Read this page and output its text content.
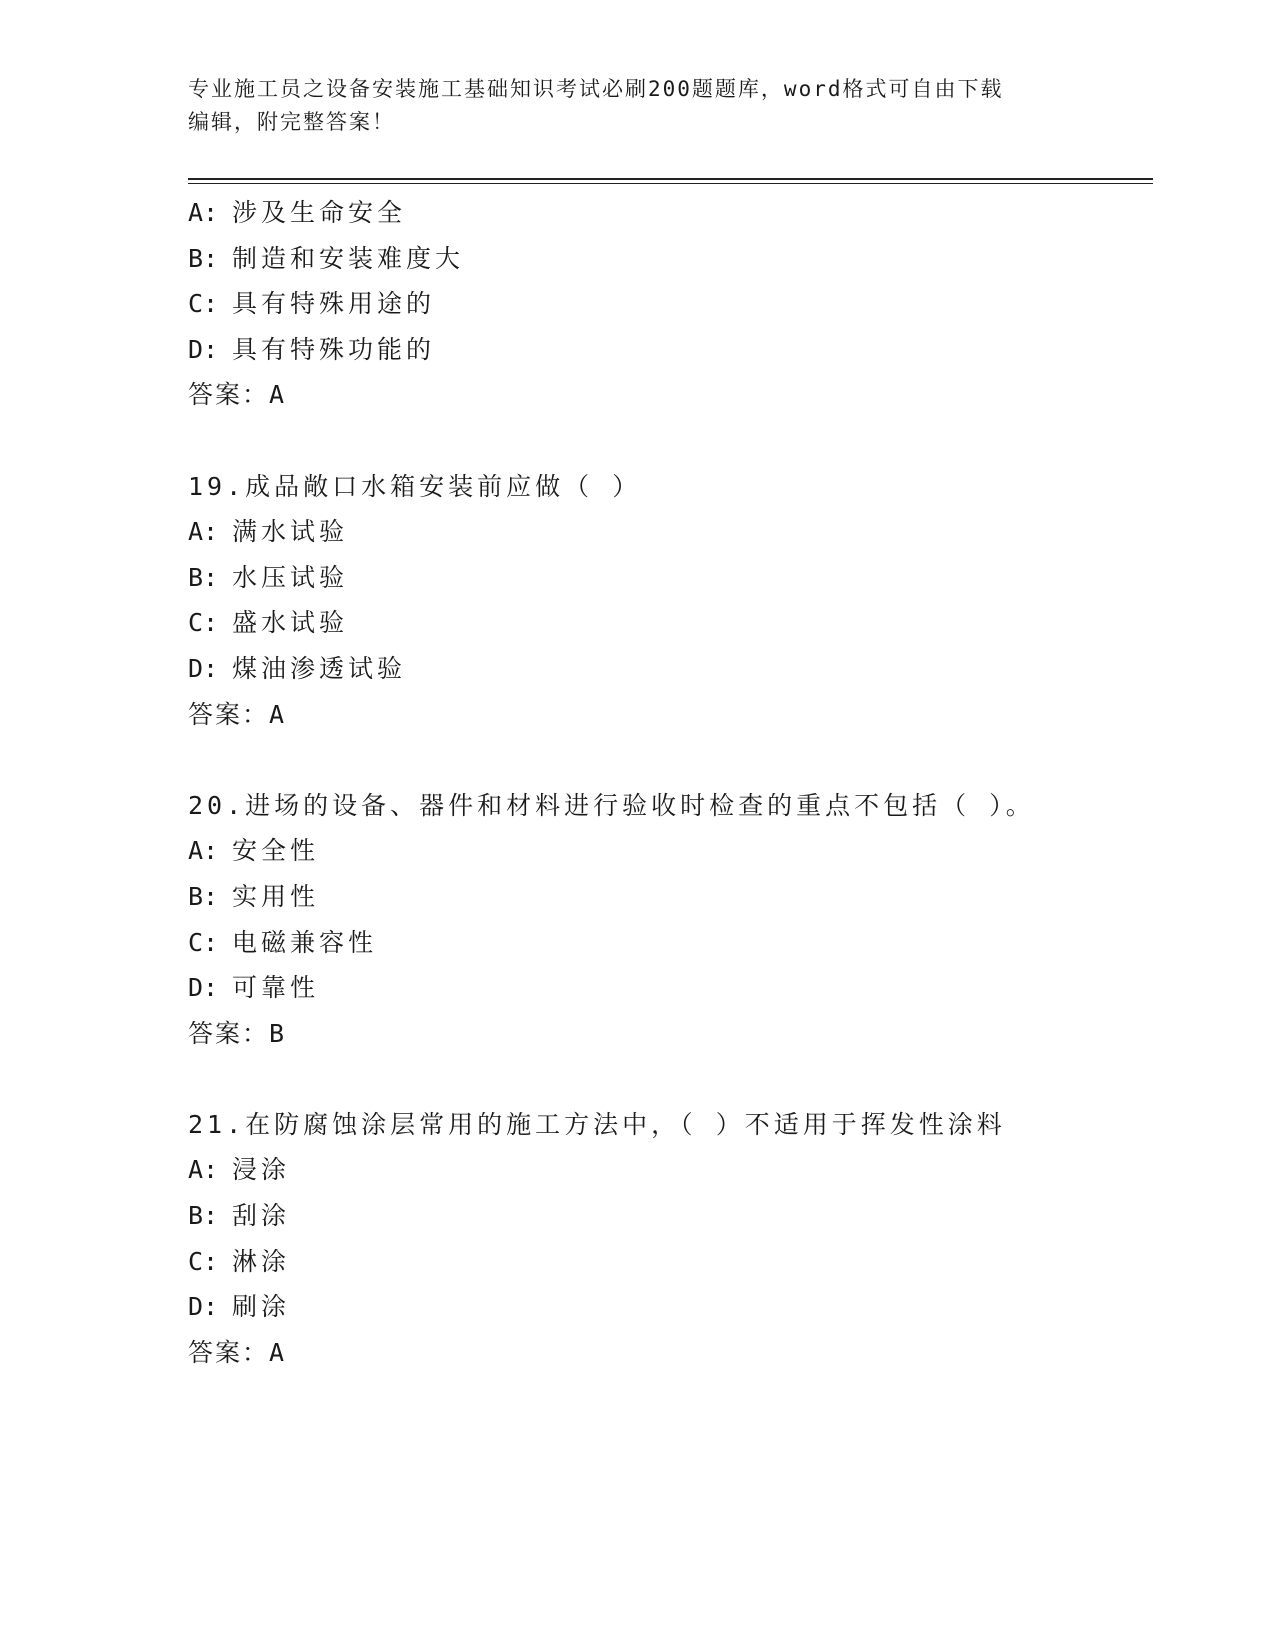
专业施工员之设备安装施工基础知识考试必刷200题题库，word格式可自由下载
编辑，附完整答案！
A: 涉及生命安全
B: 制造和安装难度大
C: 具有特殊用途的
D: 具有特殊功能的
答案：A
19.成品敞口水箱安装前应做（ ）
A: 满水试验
B: 水压试验
C: 盛水试验
D: 煤油渗透试验
答案：A
20.进场的设备、器件和材料进行验收时检查的重点不包括（ ）。
A: 安全性
B: 实用性
C: 电磁兼容性
D: 可靠性
答案：B
21.在防腐蚀涂层常用的施工方法中，（ ）不适用于挥发性涂料
A: 浸涂
B: 刮涂
C: 淋涂
D: 刷涂
答案：A
